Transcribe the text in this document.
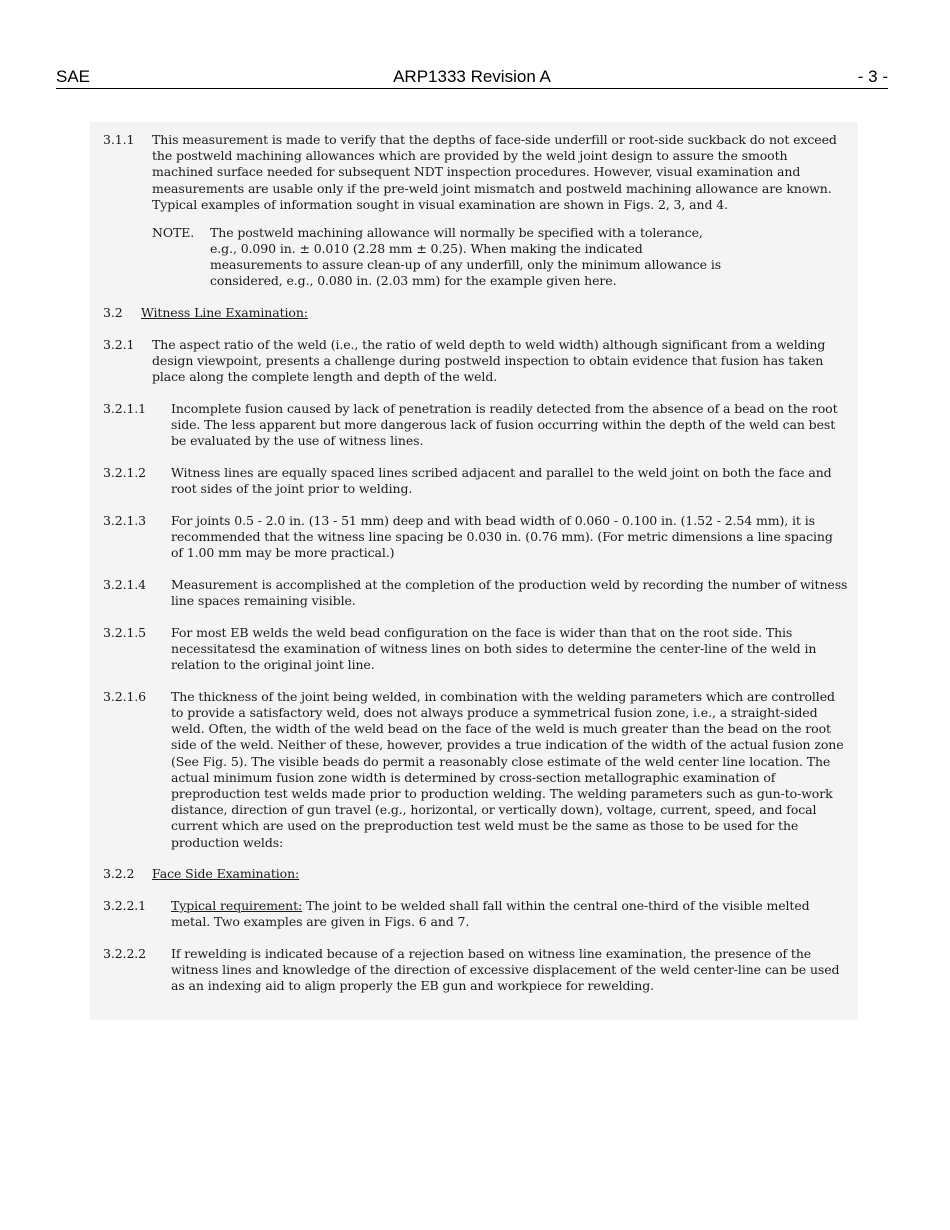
ARP1333 Revision A
SAE	- 3 -
3.1.1 This measurement is made to verify that the depths of face-side underfill or root-side suckback do not exceed the postweld machining allowances which are provided by the weld joint design to assure the smooth machined surface needed for subsequent NDT inspection procedures. However, visual examination and measurements are usable only if the pre-weld joint mismatch and postweld machining allowance are known. Typical examples of information sought in visual examination are shown in Figs. 2, 3, and 4.
NOTE. The postweld machining allowance will normally be specified with a tolerance, e.g., 0.090 in. ± 0.010 (2.28 mm ± 0.25). When making the indicated measurements to assure clean-up of any underfill, only the minimum allowance is considered, e.g., 0.080 in. (2.03 mm) for the example given here.
3.2 Witness Line Examination:
3.2.1 The aspect ratio of the weld (i.e., the ratio of weld depth to weld width) although significant from a welding design viewpoint, presents a challenge during postweld inspection to obtain evidence that fusion has taken place along the complete length and depth of the weld.
3.2.1.1 Incomplete fusion caused by lack of penetration is readily detected from the absence of a bead on the root side. The less apparent but more dangerous lack of fusion occurring within the depth of the weld can best be evaluated by the use of witness lines.
3.2.1.2 Witness lines are equally spaced lines scribed adjacent and parallel to the weld joint on both the face and root sides of the joint prior to welding.
3.2.1.3 For joints 0.5 - 2.0 in. (13 - 51 mm) deep and with bead width of 0.060 - 0.100 in. (1.52 - 2.54 mm), it is recommended that the witness line spacing be 0.030 in. (0.76 mm). (For metric dimensions a line spacing of 1.00 mm may be more practical.)
3.2.1.4 Measurement is accomplished at the completion of the production weld by recording the number of witness line spaces remaining visible.
3.2.1.5 For most EB welds the weld bead configuration on the face is wider than that on the root side. This necessitatesd the examination of witness lines on both sides to determine the center-line of the weld in relation to the original joint line.
3.2.1.6 The thickness of the joint being welded, in combination with the welding parameters which are controlled to provide a satisfactory weld, does not always produce a symmetrical fusion zone, i.e., a straight-sided weld. Often, the width of the weld bead on the face of the weld is much greater than the bead on the root side of the weld. Neither of these, however, provides a true indication of the width of the actual fusion zone (See Fig. 5). The visible beads do permit a reasonably close estimate of the weld center line location. The actual minimum fusion zone width is determined by cross-section metallographic examination of preproduction test welds made prior to production welding. The welding parameters such as gun-to-work distance, direction of gun travel (e.g., horizontal, or vertically down), voltage, current, speed, and focal current which are used on the preproduction test weld must be the same as those to be used for the production welds:
3.2.2 Face Side Examination:
3.2.2.1 Typical requirement: The joint to be welded shall fall within the central one-third of the visible melted metal. Two examples are given in Figs. 6 and 7.
3.2.2.2 If rewelding is indicated because of a rejection based on witness line examination, the presence of the witness lines and knowledge of the direction of excessive displacement of the weld center-line can be used as an indexing aid to align properly the EB gun and workpiece for rewelding.
